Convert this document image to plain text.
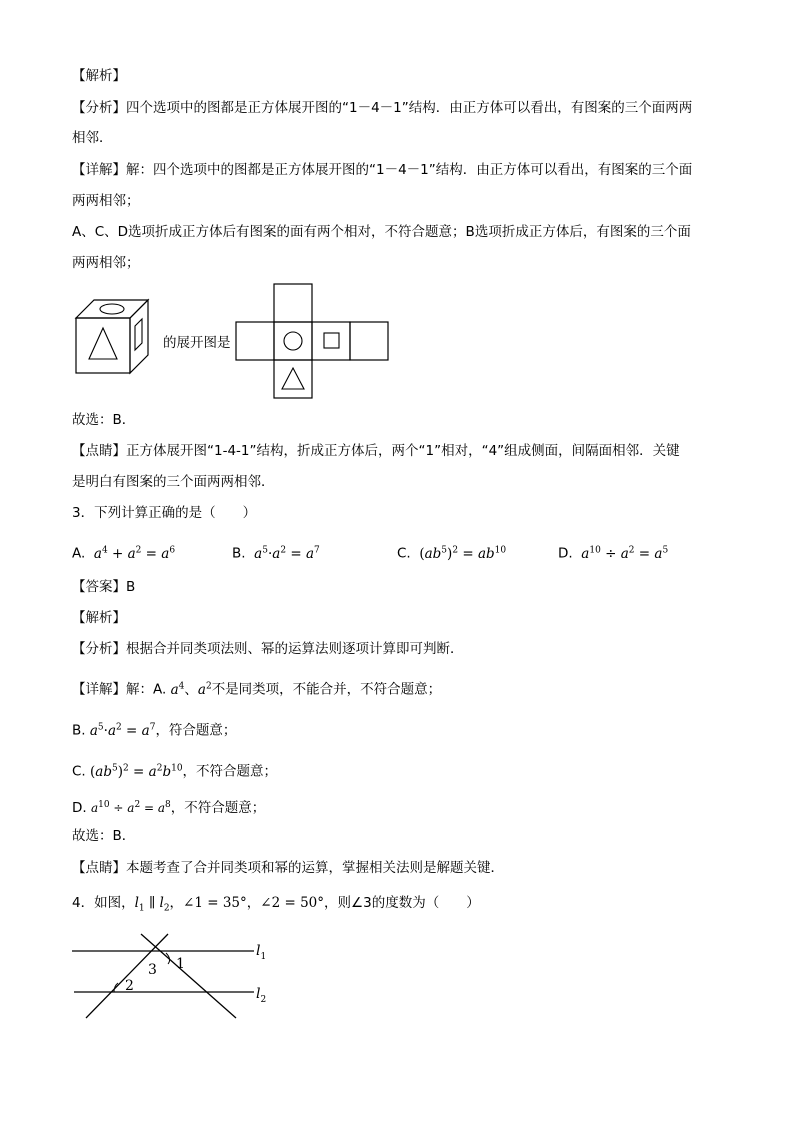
【解析】
【分析】四个选项中的图都是正方体展开图的“1－4－1”结构．由正方体可以看出，有图案的三个面两两
相邻．
【详解】解：四个选项中的图都是正方体展开图的“1－4－1”结构．由正方体可以看出，有图案的三个面
两两相邻；
A、C、D选项折成正方体后有图案的面有两个相对，不符合题意；B选项折成正方体后，有图案的三个面
两两相邻；
的展开图是
故选：B．
【点睛】正方体展开图“1-4-1”结构，折成正方体后，两个“1”相对，“4”组成侧面，间隔面相邻．关键
是明白有图案的三个面两两相邻．
3．下列计算正确的是（　　）
A. $a^4 + a^2 = a^6$	B. $a^5\cdot a^2 = a^7$	C. $(ab^5)^2 = ab^{10}$	D. $a^{10} \div a^2 = a^5$
【答案】B
【解析】
【分析】根据合并同类项法则、幂的运算法则逐项计算即可判断．
【详解】解：A. $a^4$、$a^2$不是同类项，不能合并，不符合题意；
B. $a^5\cdot a^2 = a^7$，符合题意；
C. $(ab^5)^2 = a^2b^{10}$，不符合题意；
D. $a^{10} \div a^2 = a^8$，不符合题意；
故选：B．
【点睛】本题考查了合并同类项和幂的运算，掌握相关法则是解题关键．
4．如图，$l_1$ ∥ $l_2$，∠1 = 35°，∠2 = 50°，则∠3的度数为（　　）
1
2
3
$l_1$
$l_2$
